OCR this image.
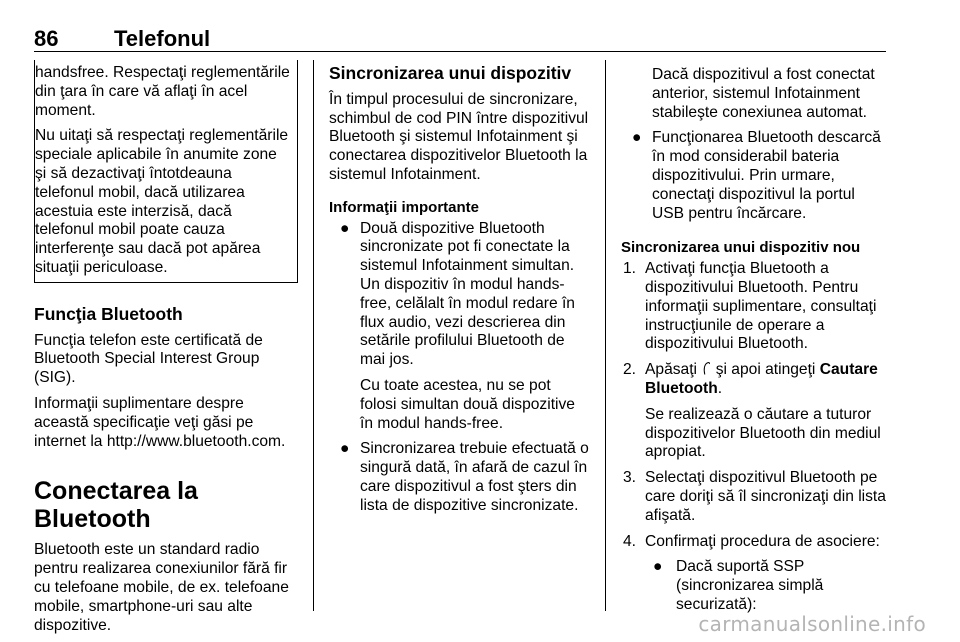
86	Telefonul

handsfree. Respectaţi reglementările din ţara în care vă aflaţi în acel moment.

Nu uitaţi să respectaţi reglementările speciale aplicabile în anumite zone şi să dezactivaţi întotdeauna telefonul mobil, dacă utilizarea acestuia este interzisă, dacă telefonul mobil poate cauza interferenţe sau dacă pot apărea situaţii periculoase.

Funcţia Bluetooth

Funcţia telefon este certificată de Bluetooth Special Interest Group (SIG).

Informaţii suplimentare despre această specificaţie veţi găsi pe internet la http://www.bluetooth.com.

Conectarea la Bluetooth

Bluetooth este un standard radio pentru realizarea conexiunilor fără fir cu telefoane mobile, de ex. telefoane mobile, smartphone-uri sau alte dispozitive.

Sincronizarea unui dispozitiv

În timpul procesului de sincronizare, schimbul de cod PIN între dispozitivul Bluetooth şi sistemul Infotainment şi conectarea dispozitivelor Bluetooth la sistemul Infotainment.

Informaţii importante
● Două dispozitive Bluetooth sincronizate pot fi conectate la sistemul Infotainment simultan. Un dispozitiv în modul hands-free, celălalt în modul redare în flux audio, vezi descrierea din setările profilului Bluetooth de mai jos.

Cu toate acestea, nu se pot folosi simultan două dispozitive în modul hands-free.

● Sincronizarea trebuie efectuată o singură dată, în afară de cazul în care dispozitivul a fost şters din lista de dispozitive sincronizate.

Dacă dispozitivul a fost conectat anterior, sistemul Infotainment stabileşte conexiunea automat.

● Funcţionarea Bluetooth descarcă în mod considerabil bateria dispozitivului. Prin urmare, conectaţi dispozitivul la portul USB pentru încărcare.
Sincronizarea unui dispozitiv nou
1. Activaţi funcţia Bluetooth a dispozitivului Bluetooth. Pentru informaţii suplimentare, consultaţi instrucţiunile de operare a dispozitivului Bluetooth.
2. Apăsaţi şi apoi atingeţi Cautare Bluetooth.

Se realizează o căutare a tuturor dispozitivelor Bluetooth din mediul apropiat.

3. Selectaţi dispozitivul Bluetooth pe care doriţi să îl sincronizaţi din lista afişată.
4. Confirmaţi procedura de asociere:
● Dacă suportă SSP (sincronizarea simplă securizată):
carmanualsonline.info
